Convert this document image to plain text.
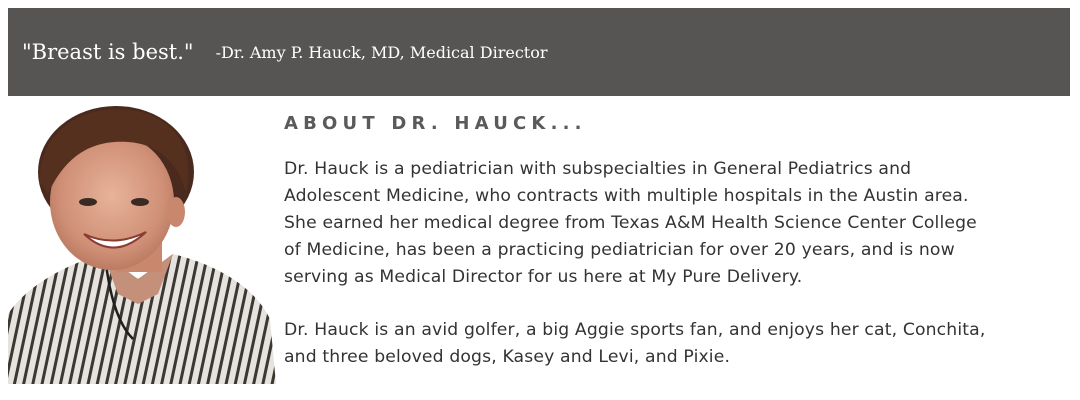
"Breast is best." -Dr. Amy P. Hauck, MD, Medical Director
ABOUT DR. HAUCK...

Dr. Hauck is a pediatrician with subspecialties in General Pediatrics and
Adolescent Medicine, who contracts with multiple hospitals in the Austin area.
She earned her medical degree from Texas A&M Health Science Center College
of Medicine, has been a practicing pediatrician for over 20 years, and is now
serving as Medical Director for us here at My Pure Delivery.

Dr. Hauck is an avid golfer, a big Aggie sports fan, and enjoys her cat, Conchita,
and three beloved dogs, Kasey and Levi, and Pixie.
